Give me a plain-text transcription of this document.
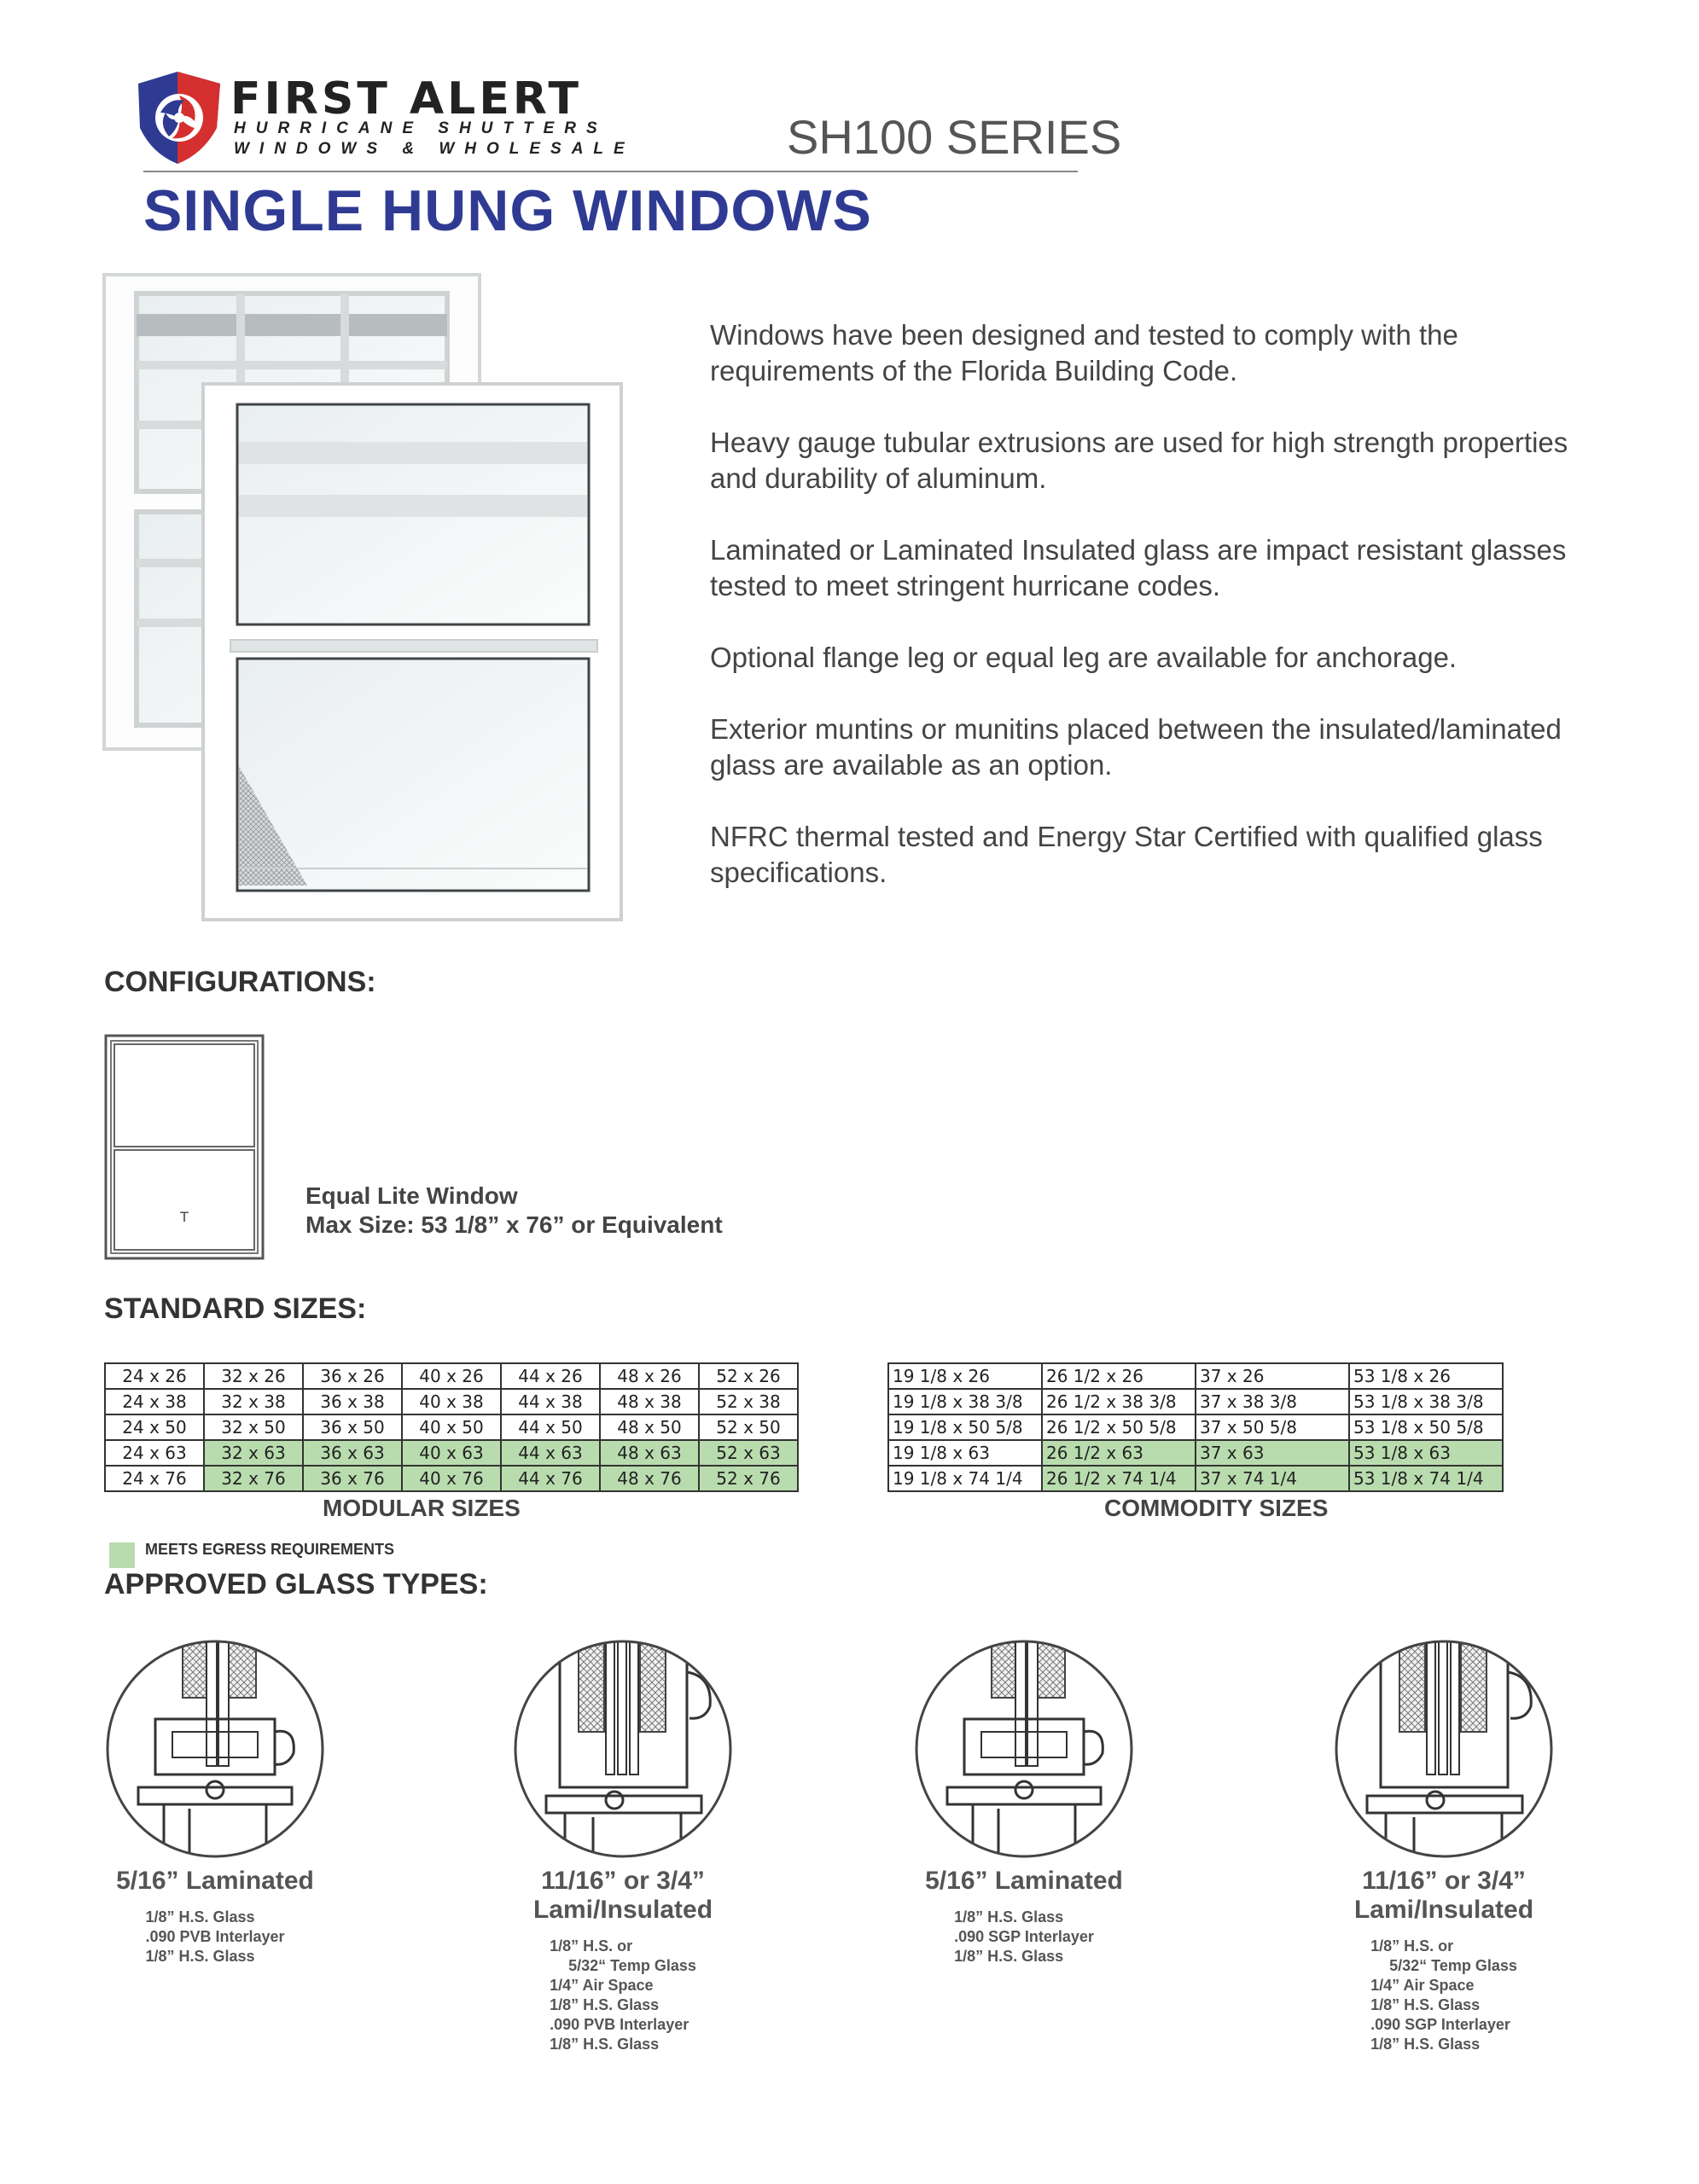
FIRST ALERT
HURRICANE SHUTTERS
WINDOWS & WHOLESALE	SH100 SERIES
SINGLE HUNG WINDOWS

Windows have been designed and tested to comply with the requirements of the Florida Building Code.

Heavy gauge tubular extrusions are used for high strength properties and durability of aluminum.

Laminated or Laminated Insulated glass are impact resistant glasses tested to meet stringent hurricane codes.

Optional flange leg or equal leg are available for anchorage.

Exterior muntins or munitins placed between the insulated/laminated glass are available as an option.

NFRC thermal tested and Energy Star Certified with qualified glass specifications.

CONFIGURATIONS:
T
Equal Lite Window
Max Size: 53 1/8” x 76” or Equivalent
STANDARD SIZES:
24 x 26	32 x 26	36 x 26	40 x 26	44 x 26	48 x 26	52 x 26
24 x 38	32 x 38	36 x 38	40 x 38	44 x 38	48 x 38	52 x 38
24 x 50	32 x 50	36 x 50	40 x 50	44 x 50	48 x 50	52 x 50
24 x 63	32 x 63	36 x 63	40 x 63	44 x 63	48 x 63	52 x 63
24 x 76	32 x 76	36 x 76	40 x 76	44 x 76	48 x 76	52 x 76
19 1/8 x 26	26 1/2 x 26	37 x 26	53 1/8 x 26
19 1/8 x 38 3/8	26 1/2 x 38 3/8	37 x 38 3/8	53 1/8 x 38 3/8
19 1/8 x 50 5/8	26 1/2 x 50 5/8	37 x 50 5/8	53 1/8 x 50 5/8
19 1/8 x 63	26 1/2 x 63	37 x 63	53 1/8 x 63
19 1/8 x 74 1/4	26 1/2 x 74 1/4	37 x 74 1/4	53 1/8 x 74 1/4
MODULAR SIZES	COMMODITY SIZES
MEETS EGRESS REQUIREMENTS
APPROVED GLASS TYPES:
5/16” Laminated
1/8” H.S. Glass
.090 PVB Interlayer
1/8” H.S. Glass
11/16” or 3/4”
Lami/Insulated
1/8” H.S. or
5/32“ Temp Glass
1/4” Air Space
1/8” H.S. Glass
.090 PVB Interlayer
1/8” H.S. Glass
5/16” Laminated
1/8” H.S. Glass
.090 SGP Interlayer
1/8” H.S. Glass
11/16” or 3/4”
Lami/Insulated
1/8” H.S. or
5/32“ Temp Glass
1/4” Air Space
1/8” H.S. Glass
.090 SGP Interlayer
1/8” H.S. Glass
